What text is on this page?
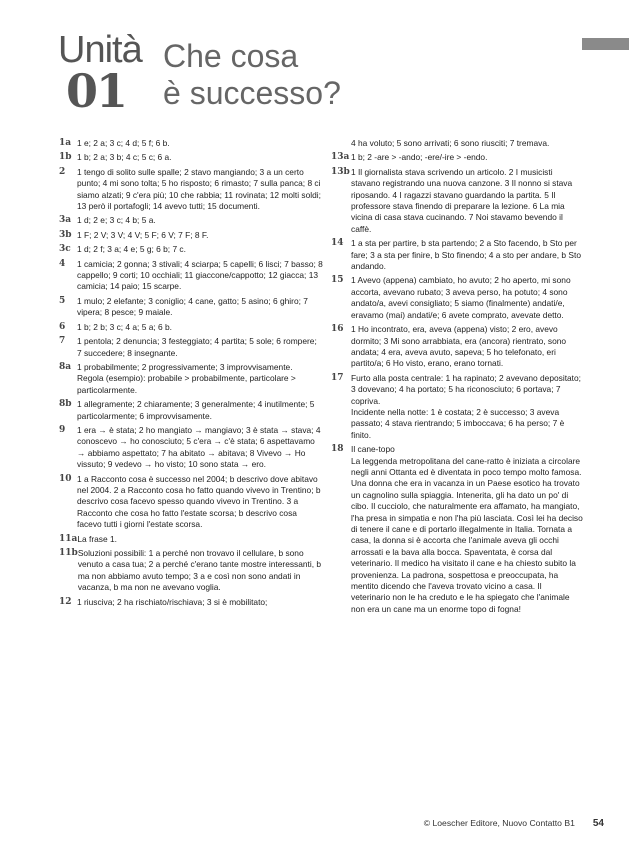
Unità
01
Che cosa
è successo?
1a 1 e; 2 a; 3 c; 4 d; 5 f; 6 b.
1b 1 b; 2 a; 3 b; 4 c; 5 c; 6 a.
2	1 tengo di solito sulle spalle; 2 stavo mangiando; 3 a un certo punto; 4 mi sono tolta; 5 ho risposto; 6 rimasto; 7 sulla panca; 8 ci siamo alzati; 9 c'era più; 10 che rabbia; 11 rovinata; 12 molti soldi; 13 però il portafogli; 14 avevo tutti; 15 documenti.
3a 1 d; 2 e; 3 c; 4 b; 5 a.
3b 1 F; 2 V; 3 V; 4 V; 5 F; 6 V; 7 F; 8 F.
3c 1 d; 2 f; 3 a; 4 e; 5 g; 6 b; 7 c.
4	1 camicia; 2 gonna; 3 stivali; 4 sciarpa; 5 capelli; 6 lisci; 7 basso; 8 cappello; 9 corti; 10 occhiali; 11 giaccone/cappotto; 12 giacca; 13 camicia; 14 paio; 15 scarpe.
5	1 mulo; 2 elefante; 3 coniglio; 4 cane, gatto; 5 asino; 6 ghiro; 7 vipera; 8 pesce; 9 maiale.
6	1 b; 2 b; 3 c; 4 a; 5 a; 6 b.
7	1 pentola; 2 denuncia; 3 festeggiato; 4 partita; 5 sole; 6 rompere; 7 succedere; 8 insegnante.
8a 1 probabilmente; 2 progressivamente; 3 improvvisamente.
Regola (esempio): probabile > probabilmente, particolare > particolarmente.
8b 1 allegramente; 2 chiaramente; 3 generalmente; 4 inutilmente; 5 particolarmente; 6 improvvisamente.
9	1 era → è stata; 2 ho mangiato → mangiavo; 3 è stata → stava; 4 conoscevo → ho conosciuto; 5 c'era → c'è stata; 6 aspettavamo → abbiamo aspettato; 7 ha abitato → abitava; 8 Vivevo → Ho vissuto; 9 vedevo → ho visto; 10 sono stata → ero.
10 1 a Racconto cosa è successo nel 2004; b descrivo dove abitavo nel 2004. 2 a Racconto cosa ho fatto quando vivevo in Trentino; b descrivo cosa facevo spesso quando vivevo in Trentino. 3 a Racconto che cosa ho fatto l'estate scorsa; b descrivo cosa facevo tutti i giorni l'estate scorsa.
11a La frase 1.
11b Soluzioni possibili: 1 a perché non trovavo il cellulare, b sono venuto a casa tua; 2 a perché c'erano tante mostre interessanti, b ma non abbiamo avuto tempo; 3 a e così non sono andati in vacanza, b ma non ne avevano voglia.
12 1 riusciva; 2 ha rischiato/rischiava; 3 si è mobilitato;
4 ha voluto; 5 sono arrivati; 6 sono riusciti; 7 tremava.
13a 1 b; 2 -are > -ando; -ere/-ire > -endo.
13b 1 Il giornalista stava scrivendo un articolo. 2 I musicisti stavano registrando una nuova canzone. 3 Il nonno si stava riposando. 4 I ragazzi stavano guardando la partita. 5 Il professore stava finendo di preparare la lezione. 6 La mia vicina di casa stava cucinando. 7 Noi stavamo bevendo il caffè.
14 1 a sta per partire, b sta partendo; 2 a Sto facendo, b Sto per fare; 3 a sta per finire, b Sto finendo; 4 a sto per andare, b Sto andando.
15 1 Avevo (appena) cambiato, ho avuto; 2 ho aperto, mi sono accorta, avevano rubato; 3 aveva perso, ha potuto; 4 sono andato/a, avevi consigliato; 5 siamo (finalmente) andati/e, eravamo (mai) andati/e; 6 avete comprato, avevate detto.
16 1 Ho incontrato, era, aveva (appena) visto; 2 ero, avevo dormito; 3 Mi sono arrabbiata, era (ancora) rientrato, sono andata; 4 era, aveva avuto, sapeva; 5 ho telefonato, eri partito/a; 6 Ho visto, erano, erano tornati.
17 Furto alla posta centrale: 1 ha rapinato; 2 avevano depositato; 3 dovevano; 4 ha portato; 5 ha riconosciuto; 6 portava; 7 copriva.
Incidente nella notte: 1 è costata; 2 è successo; 3 aveva passato; 4 stava rientrando; 5 imboccava; 6 ha perso; 7 è finito.
18 Il cane-topo
La leggenda metropolitana del cane-ratto è iniziata a circolare negli anni Ottanta ed è diventata in poco tempo molto famosa.
Una donna che era in vacanza in un Paese esotico ha trovato un cagnolino sulla spiaggia. Intenerita, gli ha dato un po' di cibo. Il cucciolo, che naturalmente era affamato, ha mangiato, l'ha presa in simpatia e non l'ha più lasciata. Così lei ha deciso di tenere il cane e di portarlo illegalmente in Italia. Tornata a casa, la donna si è accorta che l'animale aveva gli occhi arrossati e la bava alla bocca. Spaventata, è corsa dal veterinario. Il medico ha visitato il cane e ha chiesto subito la provenienza. La padrona, sospettosa e preoccupata, ha mentito dicendo che l'aveva trovato vicino a casa. Il veterinario non le ha creduto e le ha spiegato che l'animale non era un cane ma un enorme topo di fogna!
© Loescher Editore, Nuovo Contatto B1 54
